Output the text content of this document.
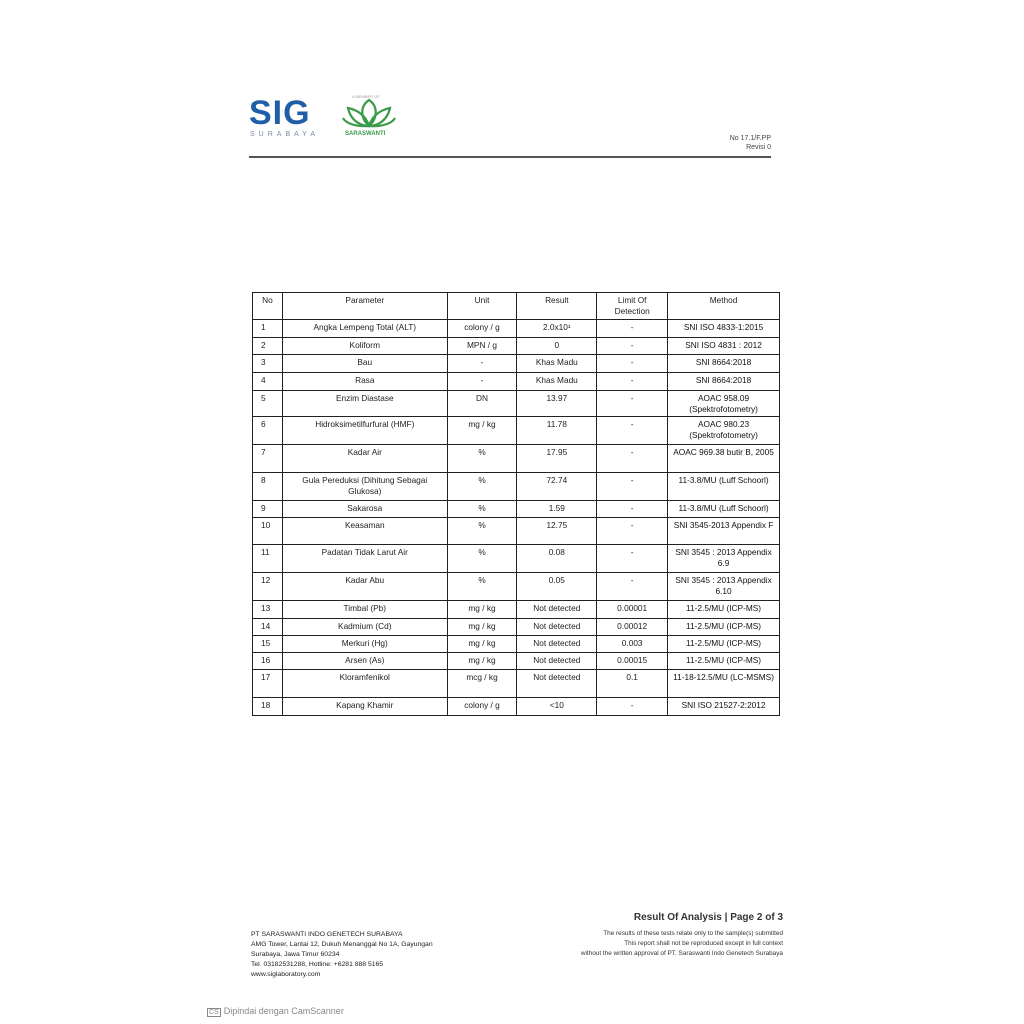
SIG
SURABAYA
A MEMBER OF
SARASWANTI
No 17.1/F.PP
Revisi 0
No	Parameter	Unit	Result	Limit Of Detection	Method
1	Angka Lempeng Total (ALT)	colony / g	2.0x10¹	-	SNI ISO 4833-1:2015
2	Koliform	MPN / g	0	-	SNI ISO 4831 : 2012
3	Bau	-	Khas Madu	-	SNI 8664:2018
4	Rasa	-	Khas Madu	-	SNI 8664:2018
5	Enzim Diastase	DN	13.97	-	AOAC 958.09 (Spektrofotometry)
6	Hidroksimetilfurfural (HMF)	mg / kg	11.78	-	AOAC 980.23 (Spektrofotometry)
7	Kadar Air	%	17.95	-	AOAC 969.38 butir B, 2005
8	Gula Pereduksi (Dihitung Sebagai Glukosa)	%	72.74	-	11-3.8/MU (Luff Schoorl)
9	Sakarosa	%	1.59	-	11-3.8/MU (Luff Schoorl)
10	Keasaman	%	12.75	-	SNI 3545-2013 Appendix F
11	Padatan Tidak Larut Air	%	0.08	-	SNI 3545 : 2013 Appendix 6.9
12	Kadar Abu	%	0.05	-	SNI 3545 : 2013 Appendix 6.10
13	Timbal (Pb)	mg / kg	Not detected	0.00001	11-2.5/MU (ICP-MS)
14	Kadmium (Cd)	mg / kg	Not detected	0.00012	11-2.5/MU (ICP-MS)
15	Merkuri (Hg)	mg / kg	Not detected	0.003	11-2.5/MU (ICP-MS)
16	Arsen (As)	mg / kg	Not detected	0.00015	11-2.5/MU (ICP-MS)
17	Kloramfenikol	mcg / kg	Not detected	0.1	11-18-12.5/MU (LC-MSMS)
18	Kapang Khamir	colony / g	<10	-	SNI ISO 21527-2:2012
Result Of Analysis | Page 2 of 3
PT SARASWANTI INDO GENETECH SURABAYA
AMG Tower, Lantai 12, Dukuh Menanggal No 1A, Gayungan
Surabaya, Jawa Timur 60234
Tel. 03182531288, Hotline: +6281 888 5165
www.siglaboratory.com
The results of these tests relate only to the sample(s) submitted
This report shall not be reproduced except in full context
without the written approval of PT. Saraswanti Indo Genetech Surabaya
CS Dipindai dengan CamScanner
